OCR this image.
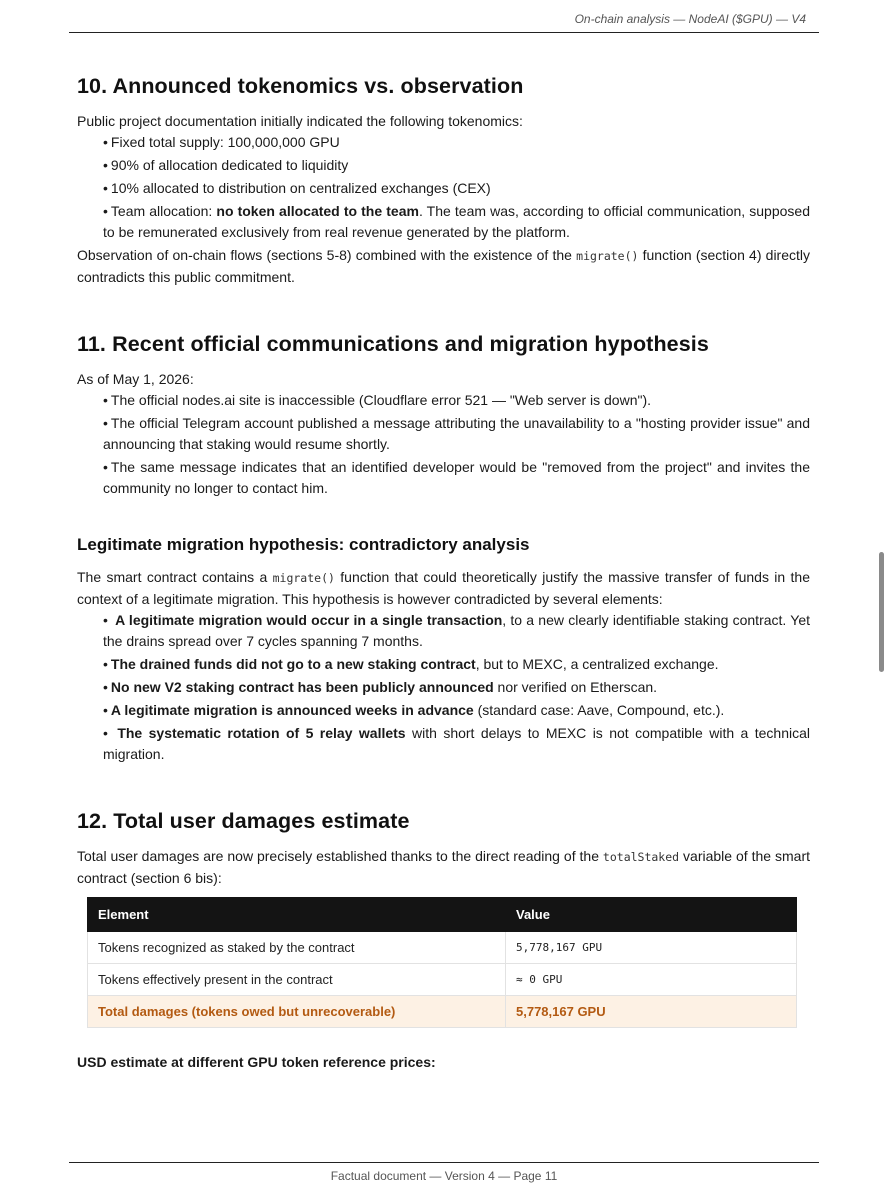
On-chain analysis — NodeAI ($GPU) — V4
10. Announced tokenomics vs. observation

Public project documentation initially indicated the following tokenomics:

• Fixed total supply: 100,000,000 GPU
• 90% of allocation dedicated to liquidity
• 10% allocated to distribution on centralized exchanges (CEX)
• Team allocation: no token allocated to the team. The team was, according to official communication, supposed to be remunerated exclusively from real revenue generated by the platform.

Observation of on-chain flows (sections 5-8) combined with the existence of the migrate() function (section 4) directly contradicts this public commitment.

11. Recent official communications and migration hypothesis

As of May 1, 2026:

• The official nodes.ai site is inaccessible (Cloudflare error 521 — "Web server is down").
• The official Telegram account published a message attributing the unavailability to a "hosting provider issue" and announcing that staking would resume shortly.
• The same message indicates that an identified developer would be "removed from the project" and invites the community no longer to contact him.
Legitimate migration hypothesis: contradictory analysis

The smart contract contains a migrate() function that could theoretically justify the massive transfer of funds in the context of a legitimate migration. This hypothesis is however contradicted by several elements:

• A legitimate migration would occur in a single transaction, to a new clearly identifiable staking contract. Yet the drains spread over 7 cycles spanning 7 months.
• The drained funds did not go to a new staking contract, but to MEXC, a centralized exchange.
• No new V2 staking contract has been publicly announced nor verified on Etherscan.
• A legitimate migration is announced weeks in advance (standard case: Aave, Compound, etc.).
• The systematic rotation of 5 relay wallets with short delays to MEXC is not compatible with a technical migration.
12. Total user damages estimate

Total user damages are now precisely established thanks to the direct reading of the totalStaked variable of the smart contract (section 6 bis):

Element	Value
Tokens recognized as staked by the contract	5,778,167 GPU
Tokens effectively present in the contract	≈ 0 GPU
Total damages (tokens owed but unrecoverable)	5,778,167 GPU
USD estimate at different GPU token reference prices:
Factual document — Version 4 — Page 11
